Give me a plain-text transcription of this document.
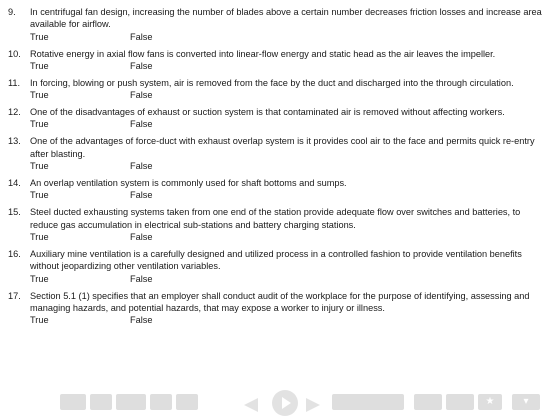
9. In centrifugal fan design, increasing the number of blades above a certain number decreases friction losses and increase area available for airflow.
True	False
10. Rotative energy in axial flow fans is converted into linear-flow energy and static head as the air leaves the impeller.
True	False
11. In forcing, blowing or push system, air is removed from the face by the duct and discharged into the through circulation.
True	False
12. One of the disadvantages of exhaust or suction system is that contaminated air is removed without affecting workers.
True	False
13. One of the advantages of force-duct with exhaust overlap system is it provides cool air to the face and permits quick re-entry after blasting.
True	False
14. An overlap ventilation system is commonly used for shaft bottoms and sumps.
True	False
15. Steel ducted exhausting systems taken from one end of the station provide adequate flow over switches and batteries, to reduce gas accumulation in electrical sub-stations and battery charging stations.
True	False
16. Auxiliary mine ventilation is a carefully designed and utilized process in a controlled fashion to provide ventilation benefits without jeopardizing other ventilation variables.
True	False
17. Section 5.1 (1) specifies that an employer shall conduct audit of the workplace for the purpose of identifying, assessing and managing hazards, and potential hazards, that may expose a worker to injury or illness.
True	False
★	▾
